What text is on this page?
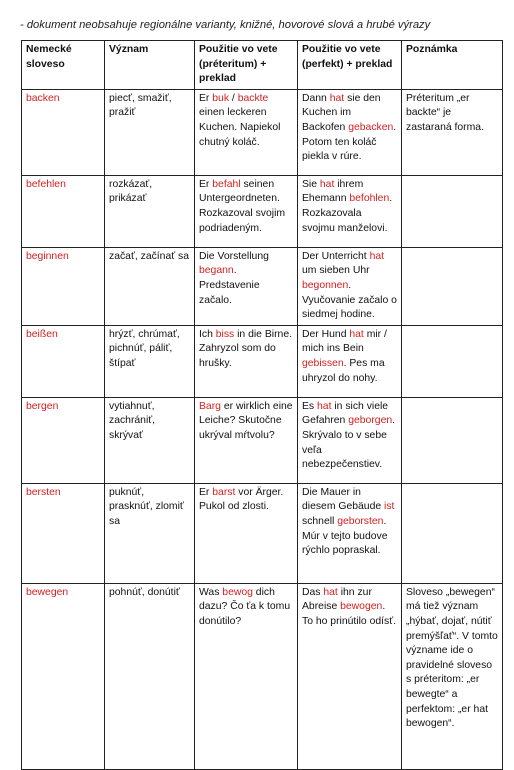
- dokument neobsahuje regionálne varianty, knižné, hovorové slová a hrubé výrazy
Nemecké sloveso	Význam	Použitie vo vete (préteritum) + preklad	Použitie vo vete (perfekt) + preklad	Poznámka
backen	piecť, smažiť, pražiť	Er buk / backte einen leckeren Kuchen. Napiekol chutný koláč.	Dann hat sie den Kuchen im Backofen gebacken. Potom ten koláč piekla v rúre.	Préteritum „er backte“ je zastaraná forma.
befehlen	rozkázať, prikázať	Er befahl seinen Untergeordneten. Rozkazoval svojim podriadeným.	Sie hat ihrem Ehemann befohlen. Rozkazovala svojmu manželovi.	
beginnen	začať, začínať sa	Die Vorstellung begann. Predstavenie začalo.	Der Unterricht hat um sieben Uhr begonnen. Vyučovanie začalo o siedmej hodine.	
beißen	hrýzť, chrúmať, pichnúť, páliť, štípať	Ich biss in die Birne. Zahryzol som do hrušky.	Der Hund hat mir / mich ins Bein gebissen. Pes ma uhryzol do nohy.	
bergen	vytiahnuť, zachrániť, skrývať	Barg er wirklich eine Leiche? Skutočne ukrýval mŕtvolu?	Es hat in sich viele Gefahren geborgen. Skrývalo to v sebe veľa nebezpečenstiev.	
bersten	puknúť, prasknúť, zlomiť sa	Er barst vor Ärger. Pukol od zlosti.	Die Mauer in diesem Gebäude ist schnell geborsten. Múr v tejto budove rýchlo popraskal.	
bewegen	pohnúť, donútiť	Was bewog dich dazu? Čo ťa k tomu donútilo?	Das hat ihn zur Abreise bewogen. To ho prinútilo odísť.	Sloveso „bewegen“ má tiež význam „hýbať, dojať, nútiť premýšľať“. V tomto význame ide o pravidelné sloveso s préteritom: „er bewegte“ a perfektom: „er hat bewogen“.
